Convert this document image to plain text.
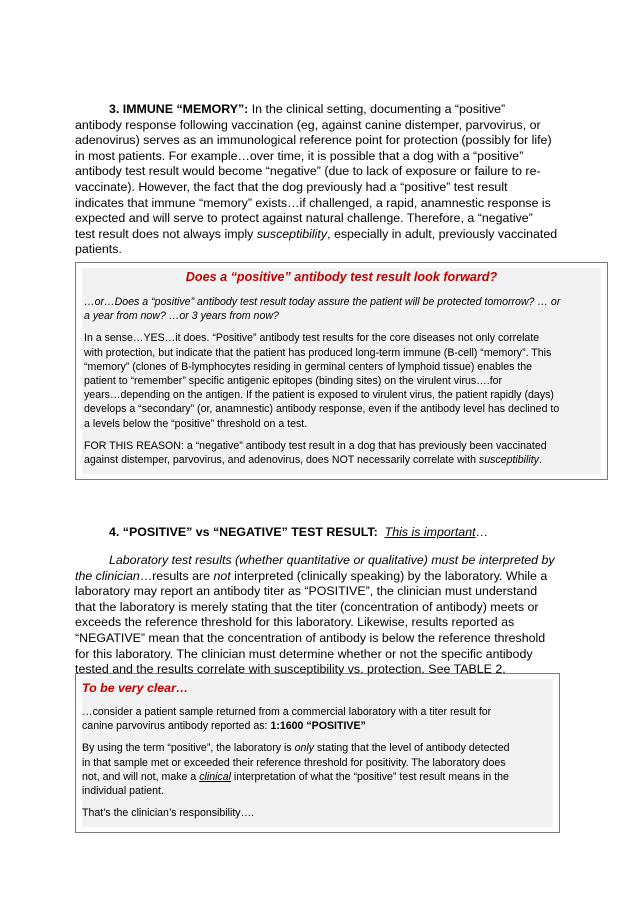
3. IMMUNE “MEMORY”: In the clinical setting, documenting a “positive”
antibody response following vaccination (eg, against canine distemper, parvovirus, or
adenovirus) serves as an immunological reference point for protection (possibly for life)
in most patients. For example…over time, it is possible that a dog with a “positive”
antibody test result would become “negative” (due to lack of exposure or failure to re-
vaccinate). However, the fact that the dog previously had a “positive” test result
indicates that immune “memory” exists…if challenged, a rapid, anamnestic response is
expected and will serve to protect against natural challenge. Therefore, a “negative”
test result does not always imply susceptibility, especially in adult, previously vaccinated
patients.
Does a “positive” antibody test result look forward?
…or…Does a “positive” antibody test result today assure the patient will be protected tomorrow? … or
a year from now? …or 3 years from now?
In a sense…YES…it does. “Positive” antibody test results for the core diseases not only correlate
with protection, but indicate that the patient has produced long-term immune (B-cell) “memory”. This
“memory” (clones of B-lymphocytes residing in germinal centers of lymphoid tissue) enables the
patient to “remember” specific antigenic epitopes (binding sites) on the virulent virus….for
years…depending on the antigen. If the patient is exposed to virulent virus, the patient rapidly (days)
develops a “secondary” (or, anamnestic) antibody response, even if the antibody level has declined to
a levels below the “positive” threshold on a test.
FOR THIS REASON: a “negative” antibody test result in a dog that has previously been vaccinated
against distemper, parvovirus, and adenovirus, does NOT necessarily correlate with susceptibility.
4. “POSITIVE” vs “NEGATIVE” TEST RESULT: This is important…
Laboratory test results (whether quantitative or qualitative) must be interpreted by
the clinician…results are not interpreted (clinically speaking) by the laboratory. While a
laboratory may report an antibody titer as “POSITIVE”, the clinician must understand
that the laboratory is merely stating that the titer (concentration of antibody) meets or
exceeds the reference threshold for this laboratory. Likewise, results reported as
“NEGATIVE” mean that the concentration of antibody is below the reference threshold
for this laboratory. The clinician must determine whether or not the specific antibody
tested and the results correlate with susceptibility vs. protection. See TABLE 2.
To be very clear…
…consider a patient sample returned from a commercial laboratory with a titer result for
canine parvovirus antibody reported as: 1:1600 “POSITIVE”
By using the term “positive”, the laboratory is only stating that the level of antibody detected
in that sample met or exceeded their reference threshold for positivity. The laboratory does
not, and will not, make a clinical interpretation of what the “positive” test result means in the
individual patient.
That’s the clinician’s responsibility….
